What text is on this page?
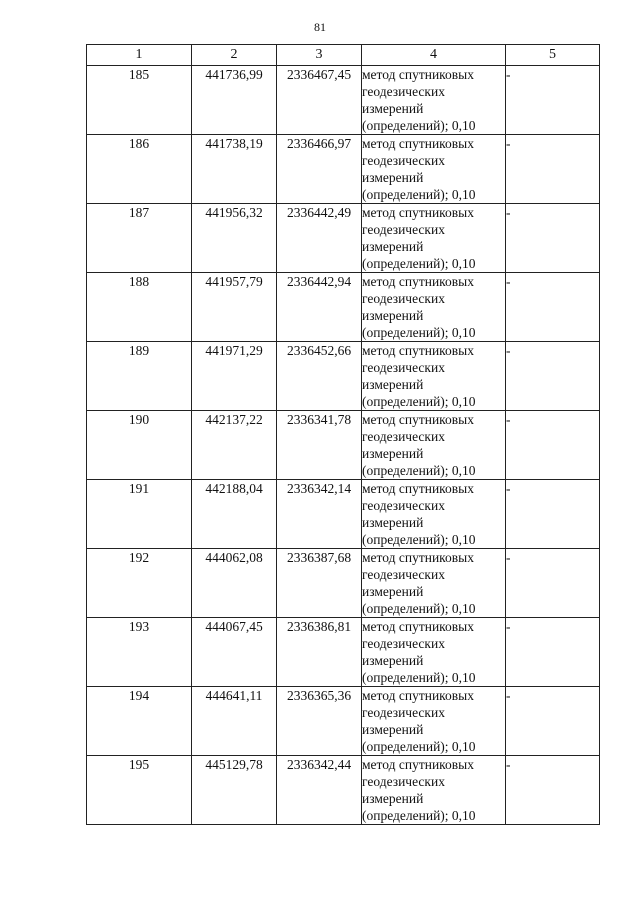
81
1	2	3	4	5
185	441736,99	2336467,45	метод спутниковых геодезических измерений (определений); 0,10	-
186	441738,19	2336466,97	метод спутниковых геодезических измерений (определений); 0,10	-
187	441956,32	2336442,49	метод спутниковых геодезических измерений (определений); 0,10	-
188	441957,79	2336442,94	метод спутниковых геодезических измерений (определений); 0,10	-
189	441971,29	2336452,66	метод спутниковых геодезических измерений (определений); 0,10	-
190	442137,22	2336341,78	метод спутниковых геодезических измерений (определений); 0,10	-
191	442188,04	2336342,14	метод спутниковых геодезических измерений (определений); 0,10	-
192	444062,08	2336387,68	метод спутниковых геодезических измерений (определений); 0,10	-
193	444067,45	2336386,81	метод спутниковых геодезических измерений (определений); 0,10	-
194	444641,11	2336365,36	метод спутниковых геодезических измерений (определений); 0,10	-
195	445129,78	2336342,44	метод спутниковых геодезических измерений (определений); 0,10	-
